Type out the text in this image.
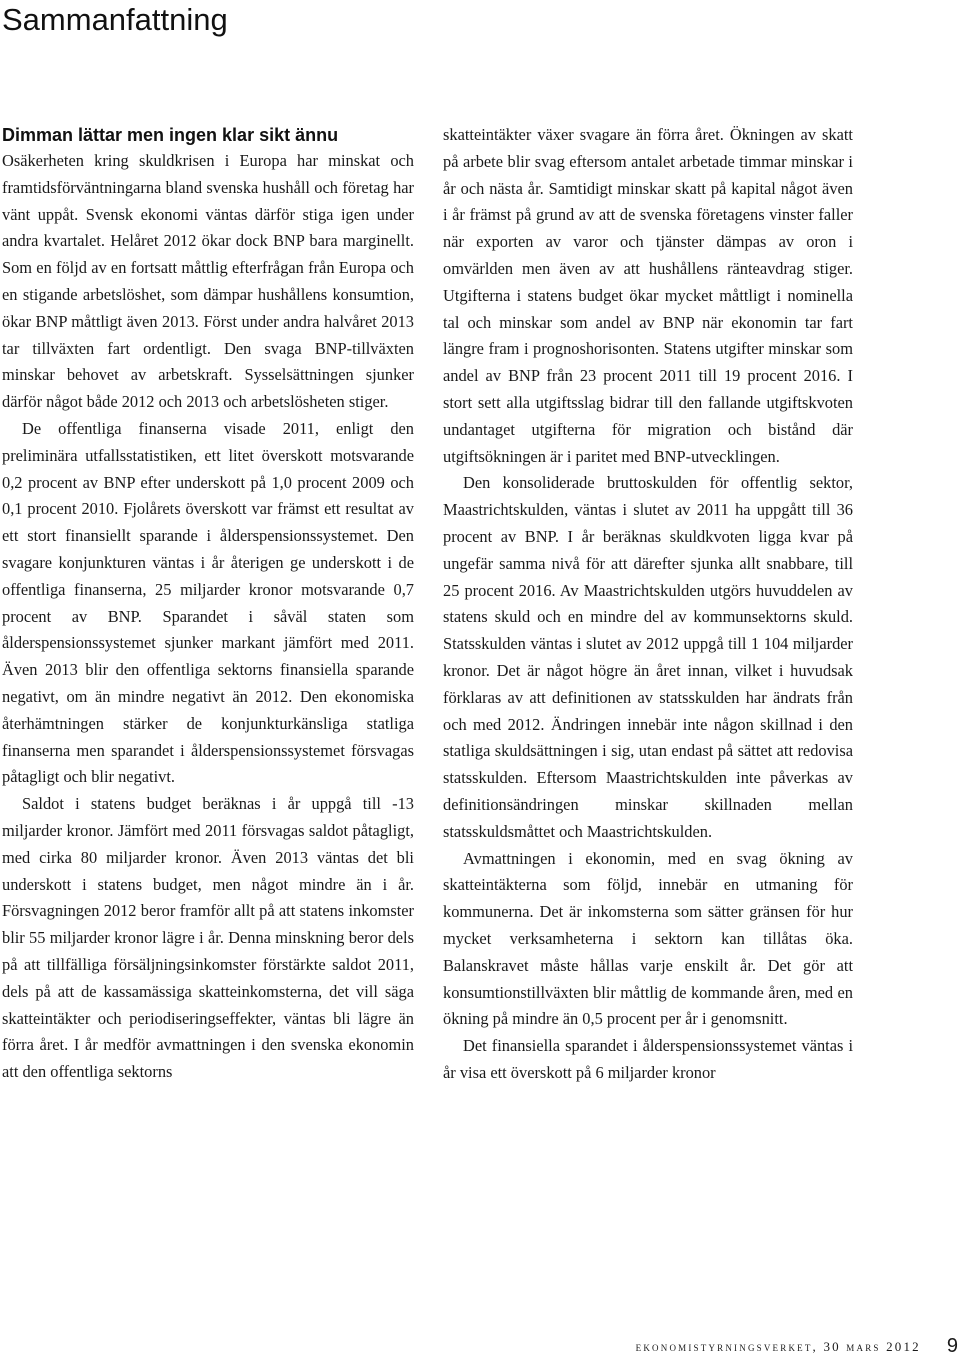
Sammanfattning
Dimman lättar men ingen klar sikt ännu

Osäkerheten kring skuldkrisen i Europa har minskat och framtidsförväntningarna bland svenska hushåll och företag har vänt uppåt. Svensk ekonomi väntas därför stiga igen under andra kvartalet. Helåret 2012 ökar dock BNP bara marginellt. Som en följd av en fortsatt måttlig efterfrågan från Europa och en stigande arbetslöshet, som dämpar hushållens konsumtion, ökar BNP måttligt även 2013. Först under andra halvåret 2013 tar tillväxten fart ordentligt. Den svaga BNP-tillväxten minskar behovet av arbetskraft. Sysselsättningen sjunker därför något både 2012 och 2013 och arbetslösheten stiger.

De offentliga finanserna visade 2011, enligt den preliminära utfallsstatistiken, ett litet överskott motsvarande 0,2 procent av BNP efter underskott på 1,0 procent 2009 och 0,1 procent 2010. Fjolårets överskott var främst ett resultat av ett stort finansiellt sparande i ålderspensionssystemet. Den svagare konjunkturen väntas i år återigen ge underskott i de offentliga finanserna, 25 miljarder kronor motsvarande 0,7 procent av BNP. Sparandet i såväl staten som ålderspensionssystemet sjunker markant jämfört med 2011. Även 2013 blir den offentliga sektorns finansiella sparande negativt, om än mindre negativt än 2012. Den ekonomiska återhämtningen stärker de konjunkturkänsliga statliga finanserna men sparandet i ålderspensionssystemet försvagas påtagligt och blir negativt.

Saldot i statens budget beräknas i år uppgå till -13 miljarder kronor. Jämfört med 2011 försvagas saldot påtagligt, med cirka 80 miljarder kronor. Även 2013 väntas det bli underskott i statens budget, men något mindre än i år. Försvagningen 2012 beror framför allt på att statens inkomster blir 55 miljarder kronor lägre i år. Denna minskning beror dels på att tillfälliga försäljningsinkomster förstärkte saldot 2011, dels på att de kassamässiga skatteinkomsterna, det vill säga skatteintäkter och periodiseringseffekter, väntas bli lägre än förra året. I år medför avmattningen i den svenska ekonomin att den offentliga sektorns

skatteintäkter växer svagare än förra året. Ökningen av skatt på arbete blir svag eftersom antalet arbetade timmar minskar i år och nästa år. Samtidigt minskar skatt på kapital något även i år främst på grund av att de svenska företagens vinster faller när exporten av varor och tjänster dämpas av oron i omvärlden men även av att hushållens ränteavdrag stiger. Utgifterna i statens budget ökar mycket måttligt i nominella tal och minskar som andel av BNP när ekonomin tar fart längre fram i prognoshorisonten. Statens utgifter minskar som andel av BNP från 23 procent 2011 till 19 procent 2016. I stort sett alla utgiftsslag bidrar till den fallande utgiftskvoten undantaget utgifterna för migration och bistånd där utgiftsökningen är i paritet med BNP-utvecklingen.

Den konsoliderade bruttoskulden för offentlig sektor, Maastrichtskulden, väntas i slutet av 2011 ha uppgått till 36 procent av BNP. I år beräknas skuldkvoten ligga kvar på ungefär samma nivå för att därefter sjunka allt snabbare, till 25 procent 2016. Av Maastrichtskulden utgörs huvuddelen av statens skuld och en mindre del av kommunsektorns skuld. Statsskulden väntas i slutet av 2012 uppgå till 1 104 miljarder kronor. Det är något högre än året innan, vilket i huvudsak förklaras av att definitionen av statsskulden har ändrats från och med 2012. Ändringen innebär inte någon skillnad i den statliga skuldsättningen i sig, utan endast på sättet att redovisa statsskulden. Eftersom Maastrichtskulden inte påverkas av definitionsändringen minskar skillnaden mellan statsskuldsmåttet och Maastrichtskulden.

Avmattningen i ekonomin, med en svag ökning av skatteintäkterna som följd, innebär en utmaning för kommunerna. Det är inkomsterna som sätter gränsen för hur mycket verksamheterna i sektorn kan tillåtas öka. Balanskravet måste hållas varje enskilt år. Det gör att konsumtionstillväxten blir måttlig de kommande åren, med en ökning på mindre än 0,5 procent per år i genomsnitt.

Det finansiella sparandet i ålderspensionssystemet väntas i år visa ett överskott på 6 miljarder kronor

ekonomistyrningsverket, 30 mars 2012 9
